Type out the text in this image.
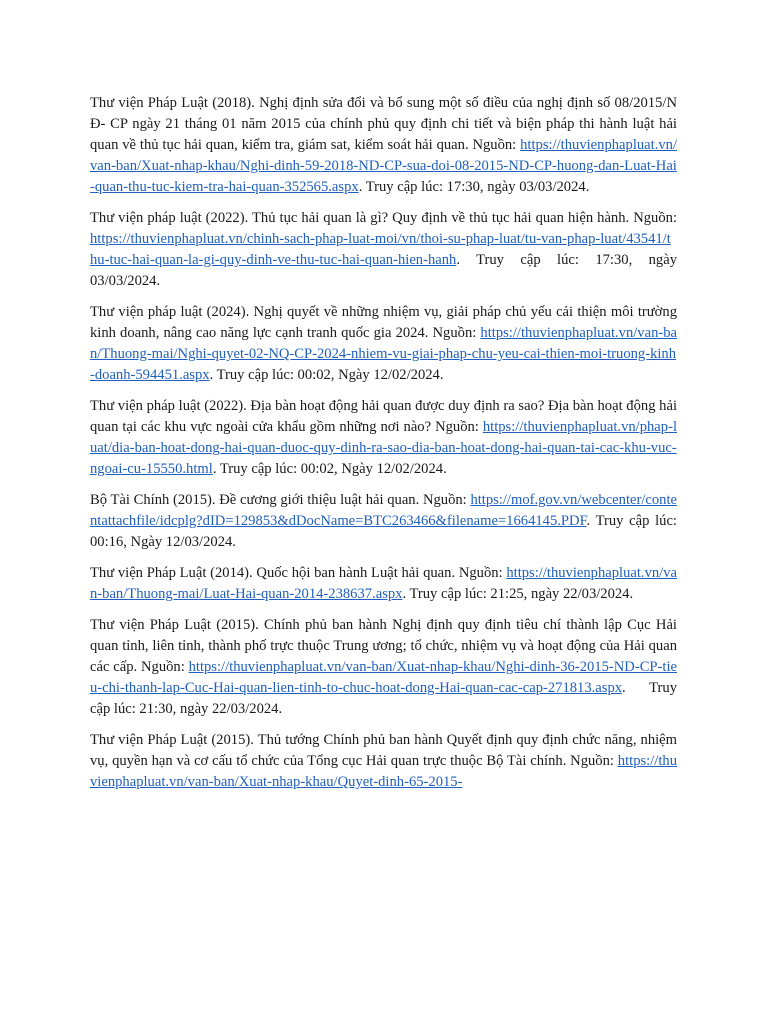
Thư viện Pháp Luật (2018). Nghị định sửa đổi và bổ sung một số điều của nghị định số 08/2015/N Đ- CP ngày 21 tháng 01 năm 2015 của chính phủ quy định chi tiết và biện pháp thi hành luật hải quan về thủ tục hải quan, kiểm tra, giám sat, kiểm soát hải quan. Nguồn: https://thuvienphapluat.vn/van-ban/Xuat-nhap-khau/Nghi-dinh-59-2018-ND-CP-sua-doi-08-2015-ND-CP-huong-dan-Luat-Hai-quan-thu-tuc-kiem-tra-hai-quan-352565.aspx. Truy cập lúc: 17:30, ngày 03/03/2024.

Thư viện pháp luật (2022). Thủ tục hải quan là gì? Quy định về thủ tục hải quan hiện hành. Nguồn: https://thuvienphapluat.vn/chinh-sach-phap-luat-moi/vn/thoi-su-phap-luat/tu-van-phap-luat/43541/thu-tuc-hai-quan-la-gi-quy-dinh-ve-thu-tuc-hai-quan-hien-hanh. Truy cập lúc: 17:30, ngày 03/03/2024.

Thư viện pháp luật (2024). Nghị quyết về những nhiệm vụ, giải pháp chủ yếu cải thiện môi trường kinh doanh, nâng cao năng lực cạnh tranh quốc gia 2024. Nguồn: https://thuvienphapluat.vn/van-ban/Thuong-mai/Nghi-quyet-02-NQ-CP-2024-nhiem-vu-giai-phap-chu-yeu-cai-thien-moi-truong-kinh-doanh-594451.aspx. Truy cập lúc: 00:02, Ngày 12/02/2024.

Thư viện pháp luật (2022). Địa bàn hoạt động hải quan được duy định ra sao? Địa bàn hoạt động hải quan tại các khu vực ngoài cửa khẩu gồm những nơi nào? Nguồn: https://thuvienphapluat.vn/phap-luat/dia-ban-hoat-dong-hai-quan-duoc-quy-dinh-ra-sao-dia-ban-hoat-dong-hai-quan-tai-cac-khu-vuc-ngoai-cu-15550.html. Truy cập lúc: 00:02, Ngày 12/02/2024.

Bộ Tài Chính (2015). Đề cương giới thiệu luật hải quan. Nguồn: https://mof.gov.vn/webcenter/contentattachfile/idcplg?dID=129853&dDocName=BTC263466&filename=1664145.PDF. Truy cập lúc: 00:16, Ngày 12/03/2024.

Thư viện Pháp Luật (2014). Quốc hội ban hành Luật hải quan. Nguồn: https://thuvienphapluat.vn/van-ban/Thuong-mai/Luat-Hai-quan-2014-238637.aspx. Truy cập lúc: 21:25, ngày 22/03/2024.

Thư viện Pháp Luật (2015). Chính phủ ban hành Nghị định quy định tiêu chí thành lập Cục Hải quan tỉnh, liên tỉnh, thành phố trực thuộc Trung ương; tổ chức, nhiệm vụ và hoạt động của Hải quan các cấp. Nguồn: https://thuvienphapluat.vn/van-ban/Xuat-nhap-khau/Nghi-dinh-36-2015-ND-CP-tieu-chi-thanh-lap-Cuc-Hai-quan-lien-tinh-to-chuc-hoat-dong-Hai-quan-cac-cap-271813.aspx. Truy cập lúc: 21:30, ngày 22/03/2024.

Thư viện Pháp Luật (2015). Thủ tướng Chính phủ ban hành Quyết định quy định chức năng, nhiệm vụ, quyền hạn và cơ cấu tổ chức của Tổng cục Hải quan trực thuộc Bộ Tài chính. Nguồn: https://thuvienphapluat.vn/van-ban/Xuat-nhap-khau/Quyet-dinh-65-2015-
